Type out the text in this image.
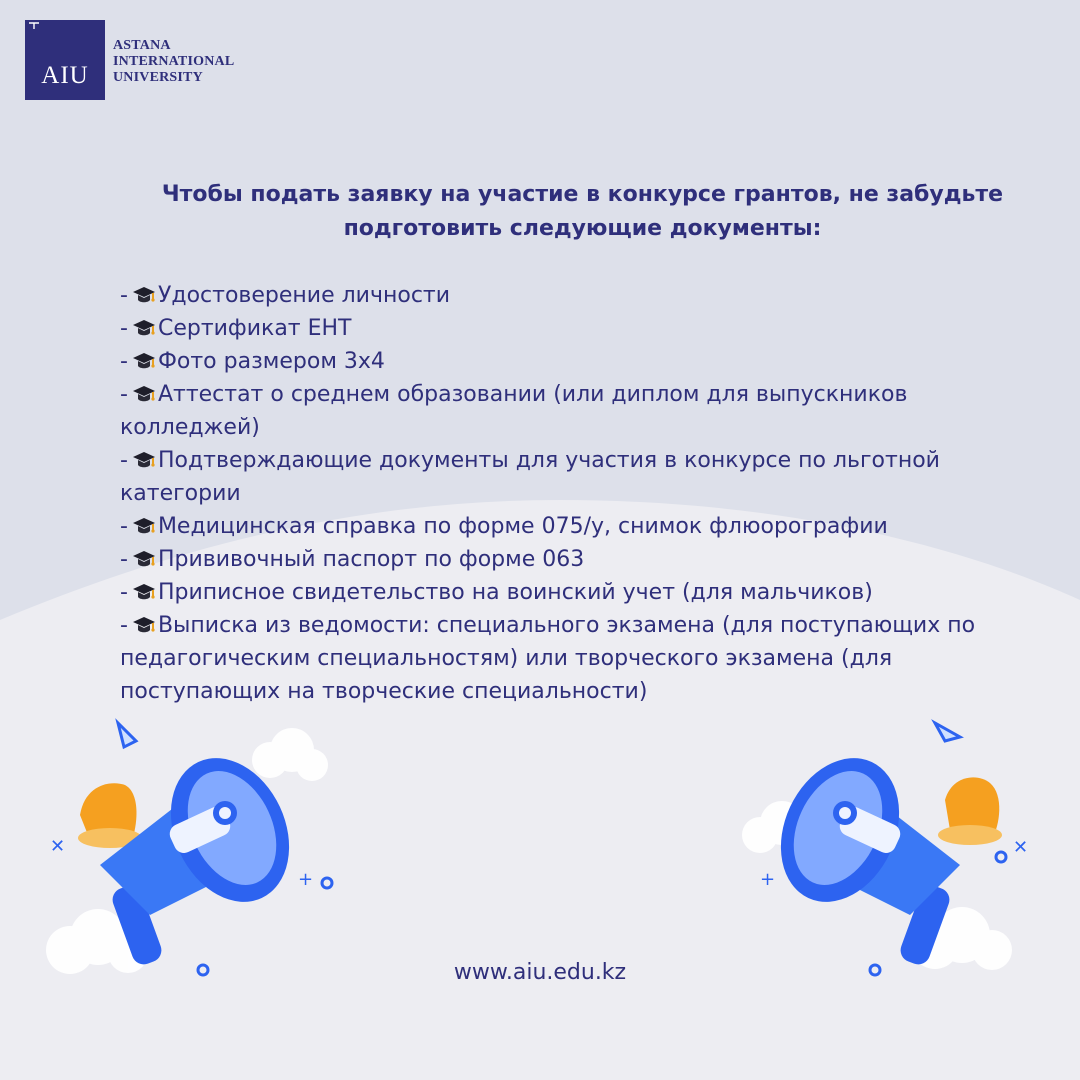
AIU
ASTANA
INTERNATIONAL
UNIVERSITY
Чтобы подать заявку на участие в конкурсе грантов, не забудьте подготовить следующие документы:
- Удостоверение личности
- Сертификат ЕНТ
- Фото размером 3х4
- Аттестат о среднем образовании (или диплом для выпускников колледжей)
- Подтверждающие документы для участия в конкурсе по льготной категории
- Медицинская справка по форме 075/у, снимок флюорографии
- Прививочный паспорт по форме 063
- Приписное свидетельство на воинский учет (для мальчиков)
- Выписка из ведомости: специального экзамена (для поступающих по педагогическим специальностям) или творческого экзамена (для поступающих на творческие специальности)
✕
+	+
✕
www.aiu.edu.kz
